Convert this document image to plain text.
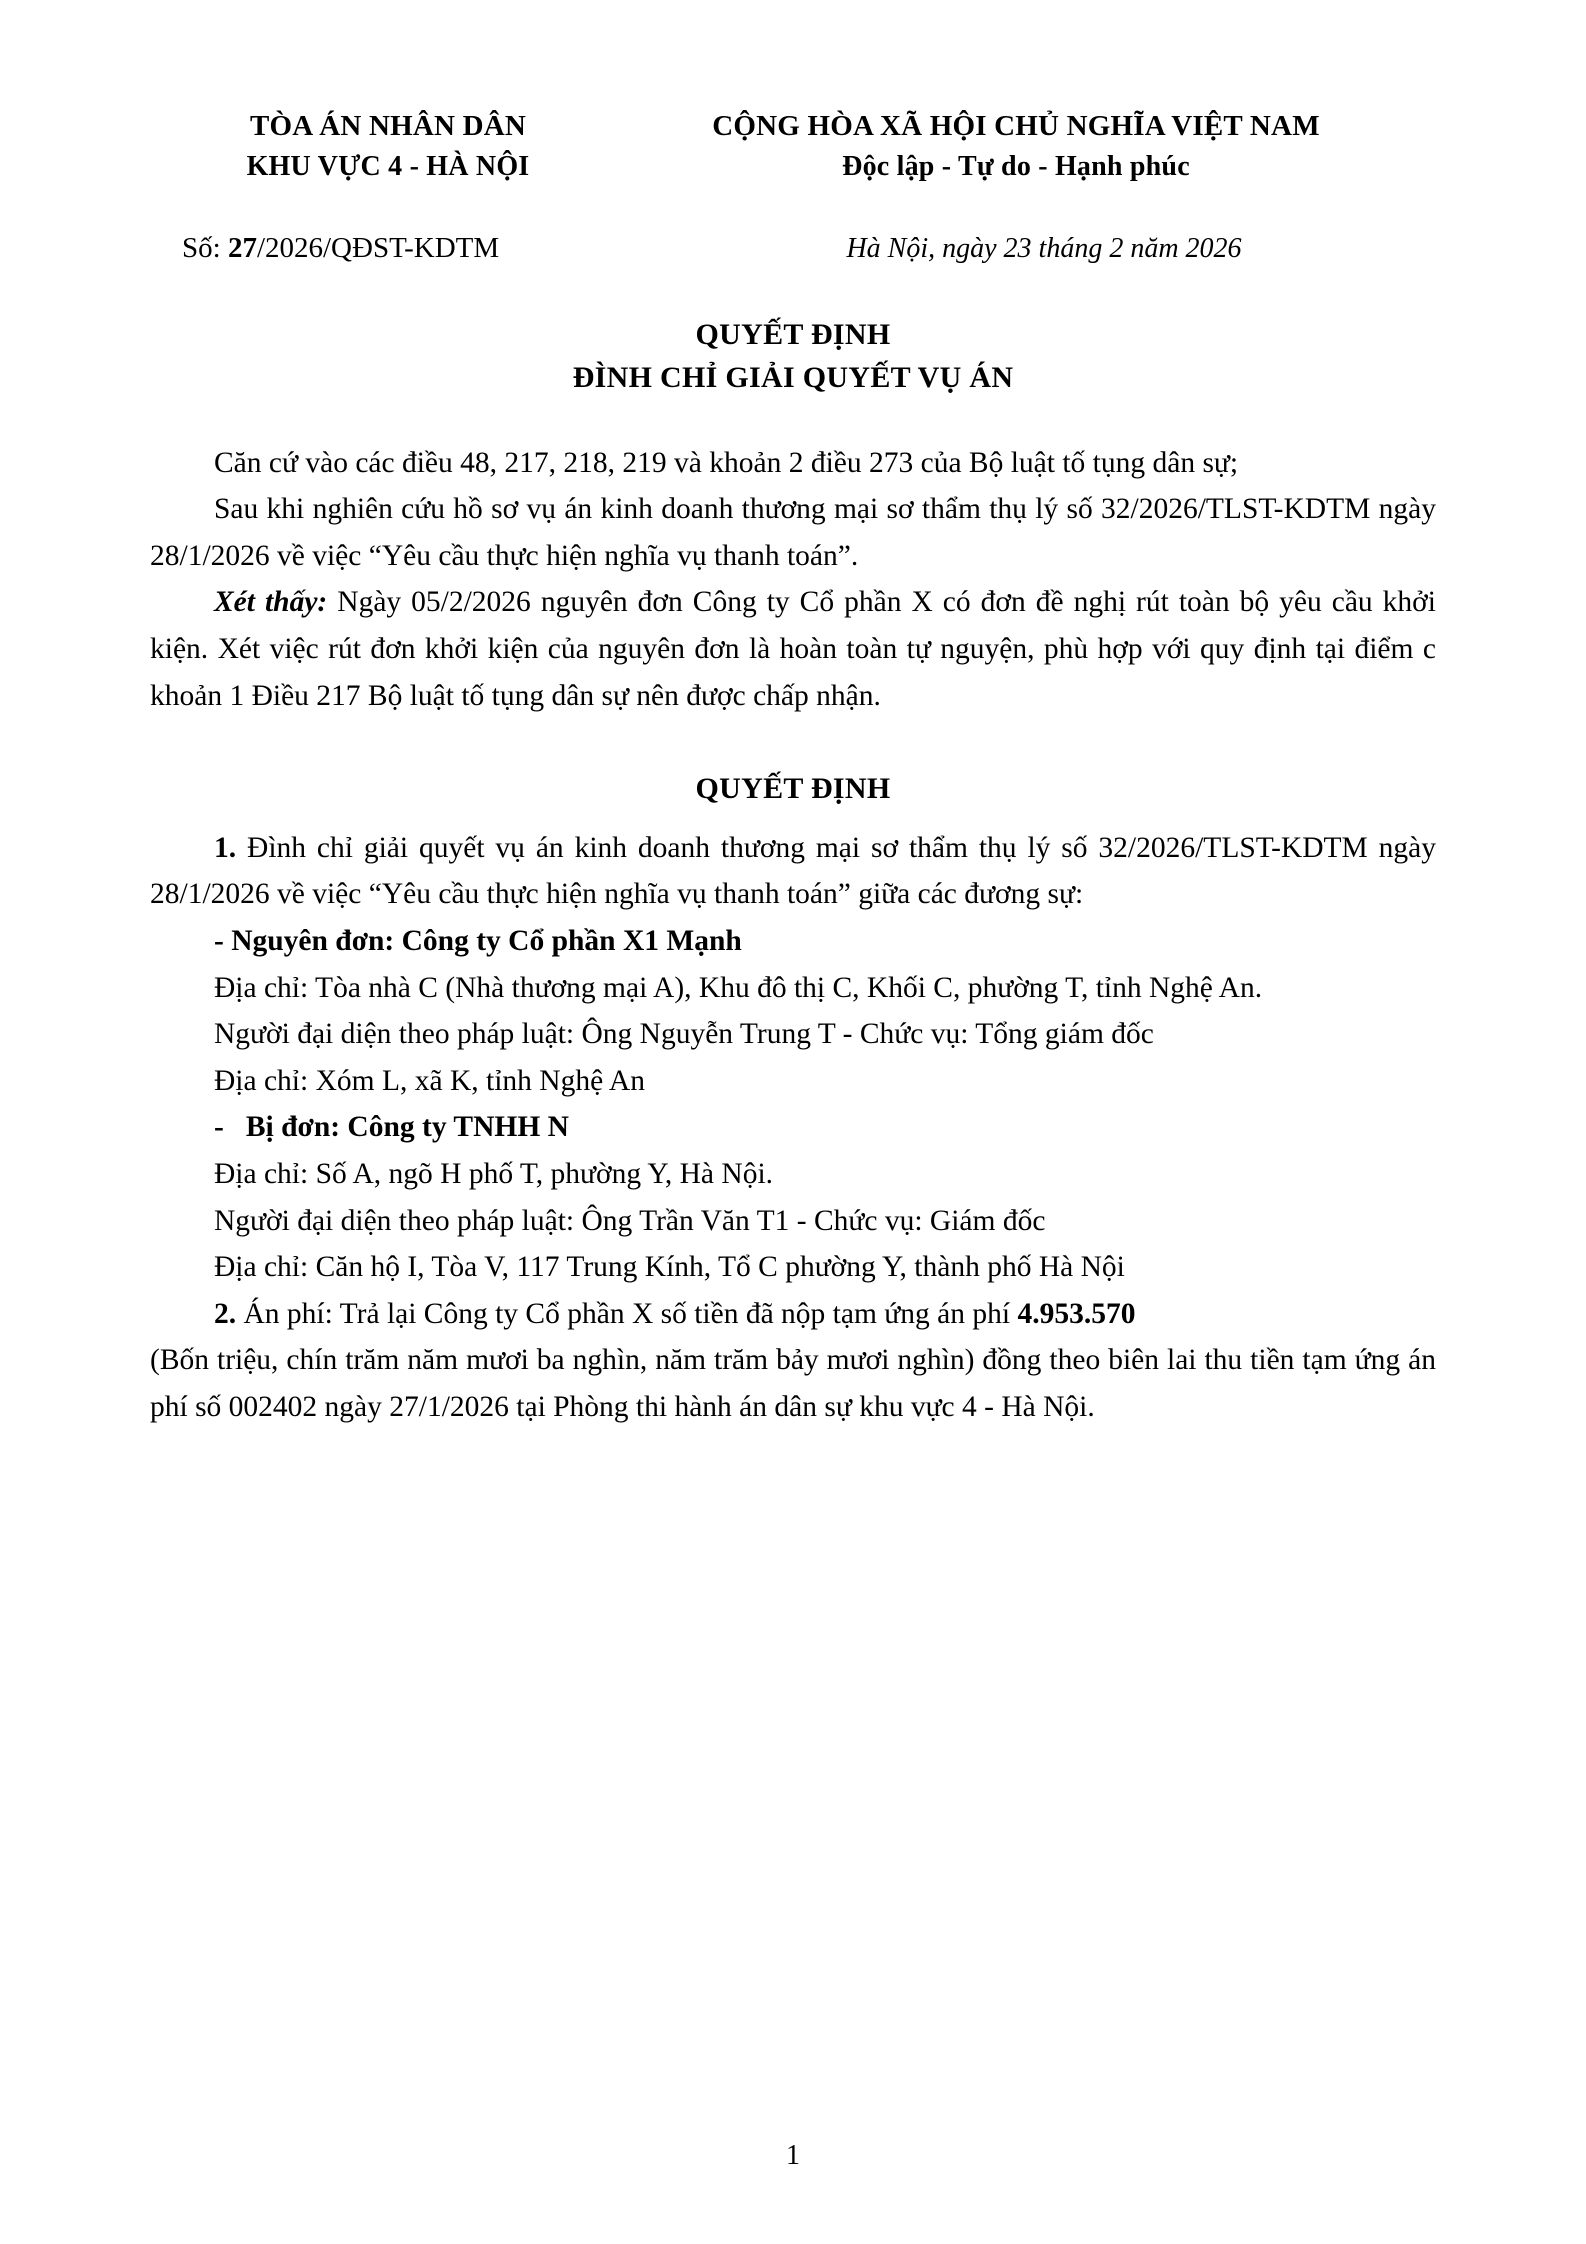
TÒA ÁN NHÂN DÂN
KHU VỰC 4 - HÀ NỘI
CỘNG HÒA XÃ HỘI CHỦ NGHĨA VIỆT NAM
Độc lập - Tự do - Hạnh phúc
Số: 27/2026/QĐST-KDTM	Hà Nội, ngày 23 tháng 2 năm 2026
QUYẾT ĐỊNH
ĐÌNH CHỈ GIẢI QUYẾT VỤ ÁN

Căn cứ vào các điều 48, 217, 218, 219 và khoản 2 điều 273 của Bộ luật tố tụng dân sự;

Sau khi nghiên cứu hồ sơ vụ án kinh doanh thương mại sơ thẩm thụ lý số 32/2026/TLST-KDTM ngày 28/1/2026 về việc “Yêu cầu thực hiện nghĩa vụ thanh toán”.

Xét thấy: Ngày 05/2/2026 nguyên đơn Công ty Cổ phần X có đơn đề nghị rút toàn bộ yêu cầu khởi kiện. Xét việc rút đơn khởi kiện của nguyên đơn là hoàn toàn tự nguyện, phù hợp với quy định tại điểm c khoản 1 Điều 217 Bộ luật tố tụng dân sự nên được chấp nhận.

QUYẾT ĐỊNH

1. Đình chỉ giải quyết vụ án kinh doanh thương mại sơ thẩm thụ lý số 32/2026/TLST-KDTM ngày 28/1/2026 về việc “Yêu cầu thực hiện nghĩa vụ thanh toán” giữa các đương sự:

- Nguyên đơn: Công ty Cổ phần X1 Mạnh

Địa chỉ: Tòa nhà C (Nhà thương mại A), Khu đô thị C, Khối C, phường T, tỉnh Nghệ An.

Người đại diện theo pháp luật: Ông Nguyễn Trung T - Chức vụ: Tổng giám đốc

Địa chỉ: Xóm L, xã K, tỉnh Nghệ An

- Bị đơn: Công ty TNHH N

Địa chỉ: Số A, ngõ H phố T, phường Y, Hà Nội.

Người đại diện theo pháp luật: Ông Trần Văn T1 - Chức vụ: Giám đốc

Địa chỉ: Căn hộ I, Tòa V, 117 Trung Kính, Tổ C phường Y, thành phố Hà Nội

2. Án phí: Trả lại Công ty Cổ phần X số tiền đã nộp tạm ứng án phí 4.953.570

(Bốn triệu, chín trăm năm mươi ba nghìn, năm trăm bảy mươi nghìn) đồng theo biên lai thu tiền tạm ứng án phí số 002402 ngày 27/1/2026 tại Phòng thi hành án dân sự khu vực 4 - Hà Nội.

1
